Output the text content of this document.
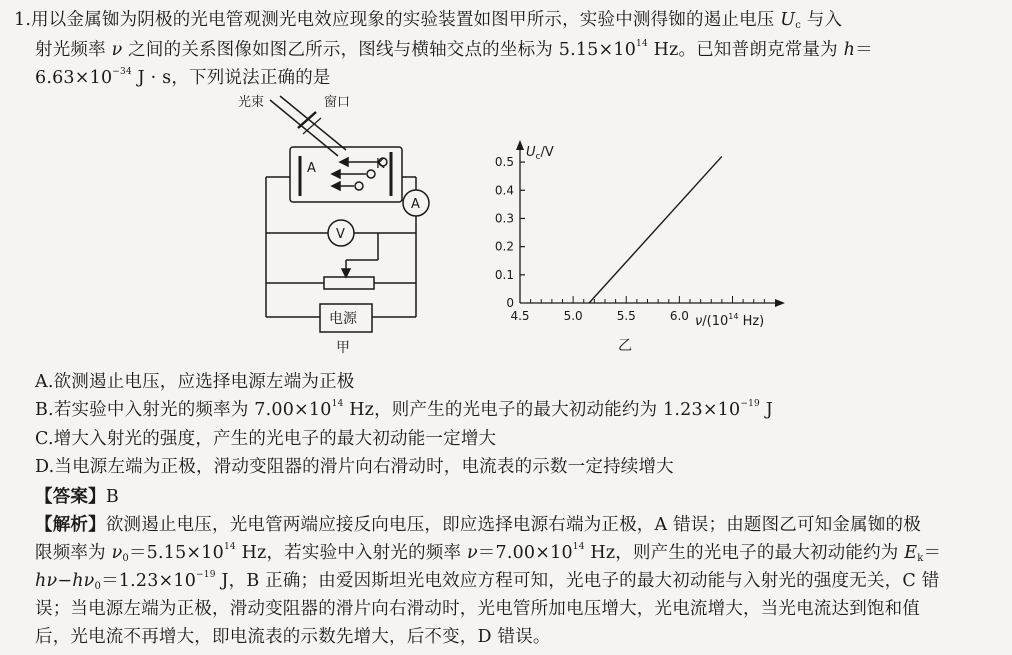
1.用以金属铷为阴极的光电管观测光电效应现象的实验装置如图甲所示，实验中测得铷的遏止电压 $U_c$ 与入
射光频率 ν 之间的关系图像如图乙所示，图线与横轴交点的坐标为 $5.15\times 10^{14}$ Hz。已知普朗克常量为 h＝
$6.63\times 10^{-34}$ J · s，下列说法正确的是
光束	窗口
A	K
A
V
电源
甲
0
0.1
0.2
0.3
0.4
0.5
4.5	5.0	5.5	6.0
$U_c/V$
$\nu/(10^{14}$ Hz)
乙
A.欲测遏止电压，应选择电源左端为正极
B.若实验中入射光的频率为 $7.00\times 10^{14}$ Hz，则产生的光电子的最大初动能约为 $1.23\times 10^{-19}$ J
C.增大入射光的强度，产生的光电子的最大初动能一定增大
D.当电源左端为正极，滑动变阻器的滑片向右滑动时，电流表的示数一定持续增大
【答案】B
【解析】欲测遏止电压，光电管两端应接反向电压，即应选择电源右端为正极，A 错误；由题图乙可知金属铷的极
限频率为 $\nu_0=5.15\times 10^{14}$ Hz，若实验中入射光的频率 $\nu=7.00\times 10^{14}$ Hz，则产生的光电子的最大初动能约为 $E_k=$
$h\nu-h\nu_0=1.23\times 10^{-19}$ J，B 正确；由爱因斯坦光电效应方程可知，光电子的最大初动能与入射光的强度无关，C 错
误；当电源左端为正极，滑动变阻器的滑片向右滑动时，光电管所加电压增大，光电流增大，当光电流达到饱和值
后，光电流不再增大，即电流表的示数先增大，后不变，D 错误。
